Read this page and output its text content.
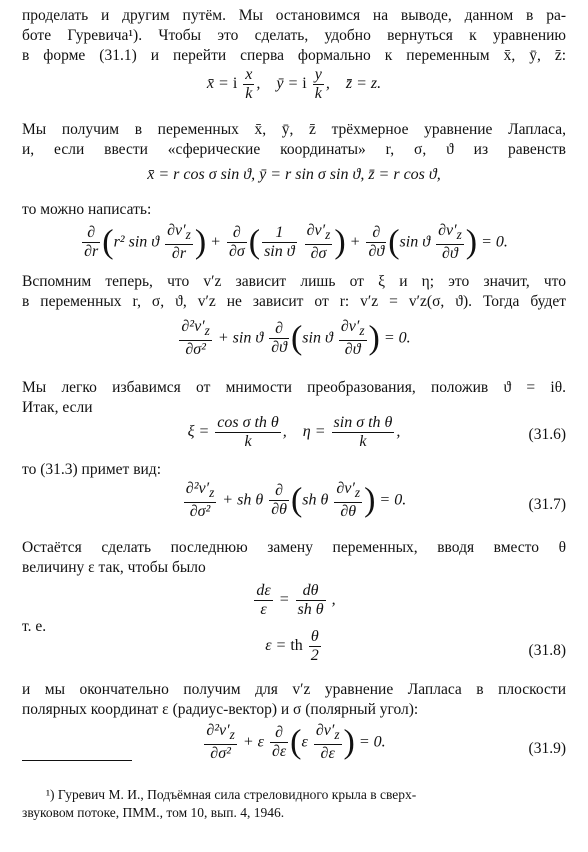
проделать и другим путём. Мы остановимся на выводе, данном в ра-
боте Гуревича¹). Чтобы это сделать, удобно вернуться к уравнению
в форме (31.1) и перейти сперва формально к переменным x̄, ȳ, z̄:
x̄ = i $\frac{x}{k}$ ,    ȳ = i $\frac{y}{k}$ ,    z̄ = z.
Мы получим в переменных x̄, ȳ, z̄ трёхмерное уравнение Лапласа,
и, если ввести «сферические координаты» r, σ, ϑ из равенств
x̄ = r cos σ sin ϑ, ȳ = r sin σ sin ϑ, z̄ = r cos ϑ,
то можно написать:
$\frac{\partial}{\partial r} (r^2$ sin ϑ $\frac{\partial v'_z}{\partial r}$ ) + $\frac{\partial}{\partial\sigma}$ ( $\frac{1}{\text{sin ϑ}}$
$\frac{\partial v'_z}{\partial\sigma}$ ) + $\frac{\partial}{\partial ϑ} (\sin$ ϑ $\frac{\partial v'_z}{\partial ϑ}$ ) = 0.
Вспомним теперь, что v′z зависит лишь от ξ и η; это значит, что
в переменных r, σ, ϑ, v′z не зависит от r: v′z = v′z(σ, ϑ). Тогда будет
$\frac{\partial^2v'_z}{\text{∂σ²}} + \sin ϑ \frac{\partial}{\partial ϑ} (\sin$ ϑ $\frac{\partial v'_z}{\partial ϑ}$ ) = 0.
Мы легко избавимся от мнимости преобразования, положив ϑ = iθ.
Итак, если
$\xi = \frac{\text{cos σ th θ}}{k}$ ,    $\eta = \frac{\text{sin σ th θ}}{k}$ ,	(31.6)
то (31.3) примет вид:
$\frac{\partial^2v'_z}{\text{∂σ²}}$ + sh θ $\frac{\partial}{\partial\theta} (sh$ θ $\frac{\partial v'_z}{\partial\theta}$ ) = 0.	(31.7)
Остаётся сделать последнюю замену переменных, вводя вместо θ
величину ε так, чтобы было
$\frac{d\varepsilon}{\varepsilon} = \frac{d\theta}{\text{sh θ}}$ ,
т. е.
ε = th $\frac{\theta}{2}$	(31.8)
и мы окончательно получим для v′z уравнение Лапласа в плоскости
полярных координат ε (радиус-вектор) и σ (полярный угол):
$\frac{\partial^2v'_z}{\text{∂σ²}} + \varepsilon \frac{\partial}{\partial\varepsilon} (\varepsilon \frac{\partial v'_z}{\partial\varepsilon}$ ) = 0.	(31.9)
¹) Гуревич М. И., Подъёмная сила стреловидного крыла в сверх-
звуковом потоке, ПММ., том 10, вып. 4, 1946.
